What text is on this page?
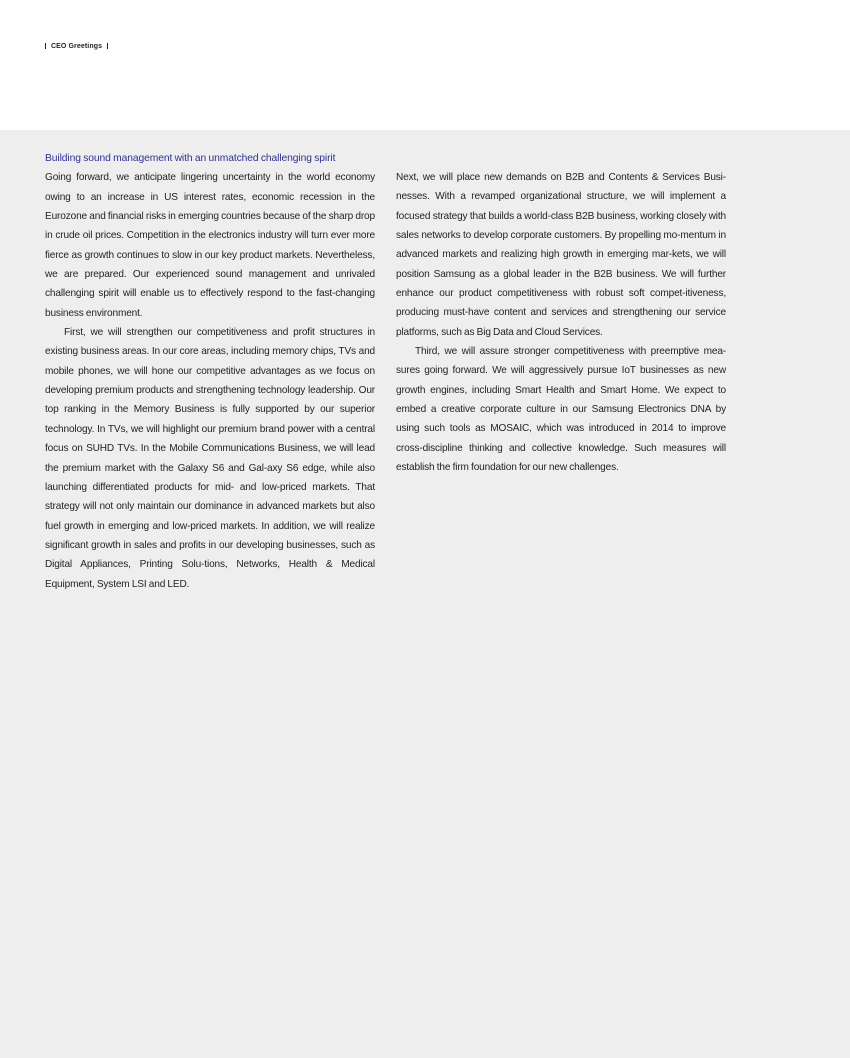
CEO Greetings
Building sound management with an unmatched challenging spirit

Going forward, we anticipate lingering uncertainty in the world economy owing to an increase in US interest rates, economic recession in the Eurozone and financial risks in emerging countries because of the sharp drop in crude oil prices. Competition in the electronics industry will turn ever more fierce as growth continues to slow in our key product markets. Nevertheless, we are prepared. Our experienced sound management and unrivaled challenging spirit will enable us to effectively respond to the fast-changing business environment.

First, we will strengthen our competitiveness and profit structures in existing business areas. In our core areas, including memory chips, TVs and mobile phones, we will hone our competitive advantages as we focus on developing premium products and strengthening technology leadership. Our top ranking in the Memory Business is fully supported by our superior technology. In TVs, we will highlight our premium brand power with a central focus on SUHD TVs. In the Mobile Communications Business, we will lead the premium market with the Galaxy S6 and Gal-axy S6 edge, while also launching differentiated products for mid- and low-priced markets. That strategy will not only maintain our dominance in advanced markets but also fuel growth in emerging and low-priced markets. In addition, we will realize significant growth in sales and profits in our developing businesses, such as Digital Appliances, Printing Solu-tions, Networks, Health & Medical Equipment, System LSI and LED.

Next, we will place new demands on B2B and Contents & Services Busi-nesses. With a revamped organizational structure, we will implement a focused strategy that builds a world-class B2B business, working closely with sales networks to develop corporate customers. By propelling mo-mentum in advanced markets and realizing high growth in emerging mar-kets, we will position Samsung as a global leader in the B2B business. We will further enhance our product competitiveness with robust soft compet-itiveness, producing must-have content and services and strengthening our service platforms, such as Big Data and Cloud Services.

Third, we will assure stronger competitiveness with preemptive mea-sures going forward. We will aggressively pursue IoT businesses as new growth engines, including Smart Health and Smart Home. We expect to embed a creative corporate culture in our Samsung Electronics DNA by using such tools as MOSAIC, which was introduced in 2014 to improve cross-discipline thinking and collective knowledge. Such measures will establish the firm foundation for our new challenges.
